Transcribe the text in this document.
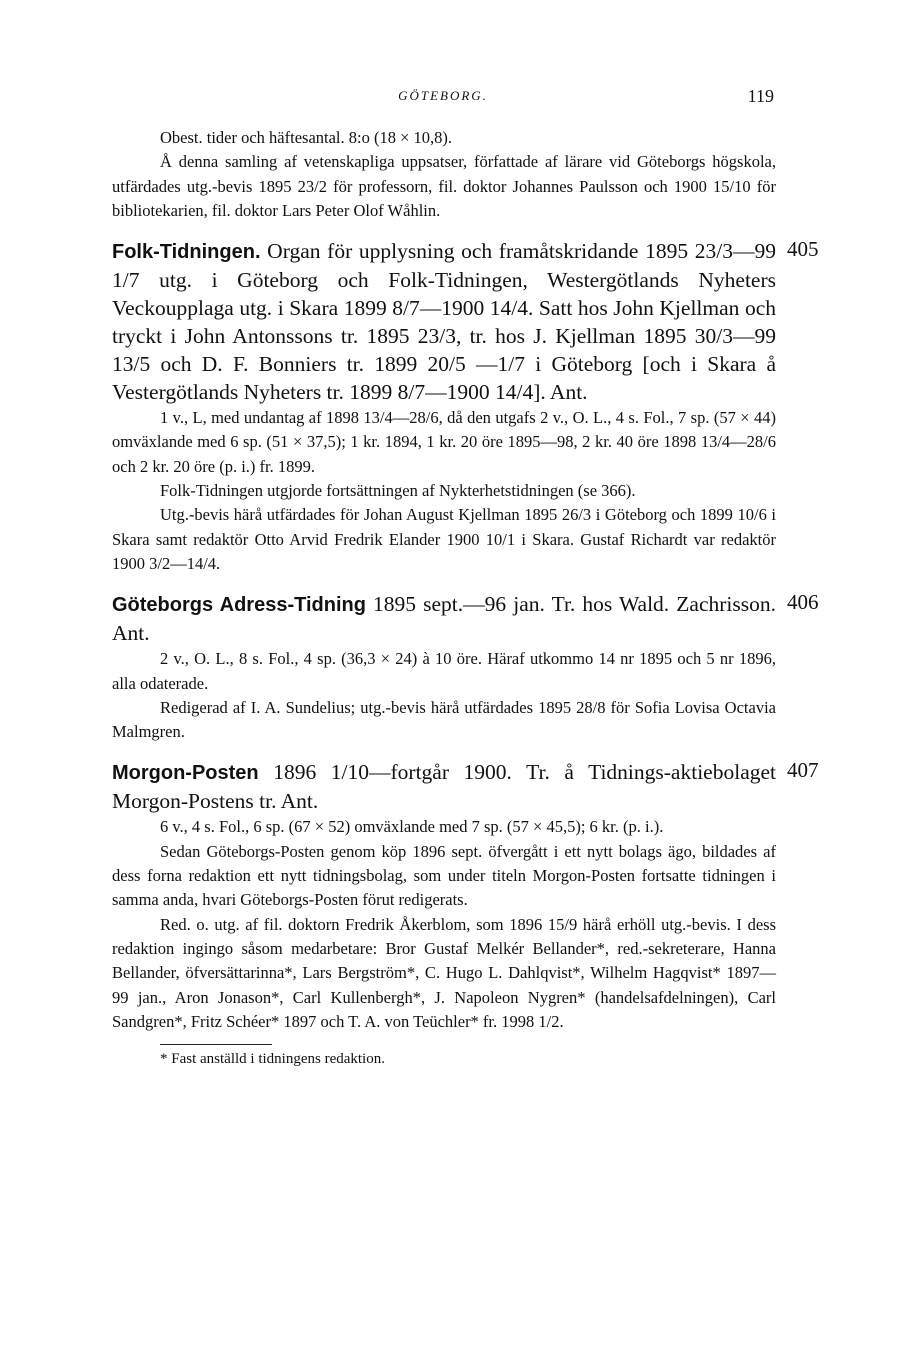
GÖTEBORG.	119

Obest. tider och häftesantal. 8:o (18 × 10,8).

Å denna samling af vetenskapliga uppsatser, författade af lärare vid Göteborgs högskola, utfärdades utg.-bevis 1895 23/2 för professorn, fil. doktor Johannes Paulsson och 1900 15/10 för bibliotekarien, fil. doktor Lars Peter Olof Wåhlin.

405

Folk-Tidningen. Organ för upplysning och framåtskridande 1895 23/3—99 1/7 utg. i Göteborg och Folk-Tidningen, Westergötlands Nyheters Veckoupplaga utg. i Skara 1899 8/7—1900 14/4. Satt hos John Kjellman och tryckt i John Antonssons tr. 1895 23/3, tr. hos J. Kjellman 1895 30/3—99 13/5 och D. F. Bonniers tr. 1899 20/5 —1/7 i Göteborg [och i Skara å Vestergötlands Nyheters tr. 1899 8/7—1900 14/4]. Ant.

1 v., L, med undantag af 1898 13/4—28/6, då den utgafs 2 v., O. L., 4 s. Fol., 7 sp. (57 × 44) omväxlande med 6 sp. (51 × 37,5); 1 kr. 1894, 1 kr. 20 öre 1895—98, 2 kr. 40 öre 1898 13/4—28/6 och 2 kr. 20 öre (p. i.) fr. 1899.

Folk-Tidningen utgjorde fortsättningen af Nykterhetstidningen (se 366).

Utg.-bevis härå utfärdades för Johan August Kjellman 1895 26/3 i Göteborg och 1899 10/6 i Skara samt redaktör Otto Arvid Fredrik Elander 1900 10/1 i Skara. Gustaf Richardt var redaktör 1900 3/2—14/4.

406

Göteborgs Adress-Tidning 1895 sept.—96 jan. Tr. hos Wald. Zachrisson. Ant.

2 v., O. L., 8 s. Fol., 4 sp. (36,3 × 24) à 10 öre. Häraf utkommo 14 nr 1895 och 5 nr 1896, alla odaterade.

Redigerad af I. A. Sundelius; utg.-bevis härå utfärdades 1895 28/8 för Sofia Lovisa Octavia Malmgren.

407

Morgon-Posten 1896 1/10—fortgår 1900. Tr. å Tidnings-aktiebolaget Morgon-Postens tr. Ant.

6 v., 4 s. Fol., 6 sp. (67 × 52) omväxlande med 7 sp. (57 × 45,5); 6 kr. (p. i.).

Sedan Göteborgs-Posten genom köp 1896 sept. öfvergått i ett nytt bolags ägo, bildades af dess forna redaktion ett nytt tidningsbolag, som under titeln Morgon-Posten fortsatte tidningen i samma anda, hvari Göteborgs-Posten förut redigerats.

Red. o. utg. af fil. doktorn Fredrik Åkerblom, som 1896 15/9 härå erhöll utg.-bevis. I dess redaktion ingingo såsom medarbetare: Bror Gustaf Melkér Bellander*, red.-sekreterare, Hanna Bellander, öfversättarinna*, Lars Bergström*, C. Hugo L. Dahlqvist*, Wilhelm Hagqvist* 1897—99 jan., Aron Jonason*, Carl Kullenbergh*, J. Napoleon Nygren* (handelsafdelningen), Carl Sandgren*, Fritz Schéer* 1897 och T. A. von Teüchler* fr. 1998 1/2.

* Fast anställd i tidningens redaktion.
